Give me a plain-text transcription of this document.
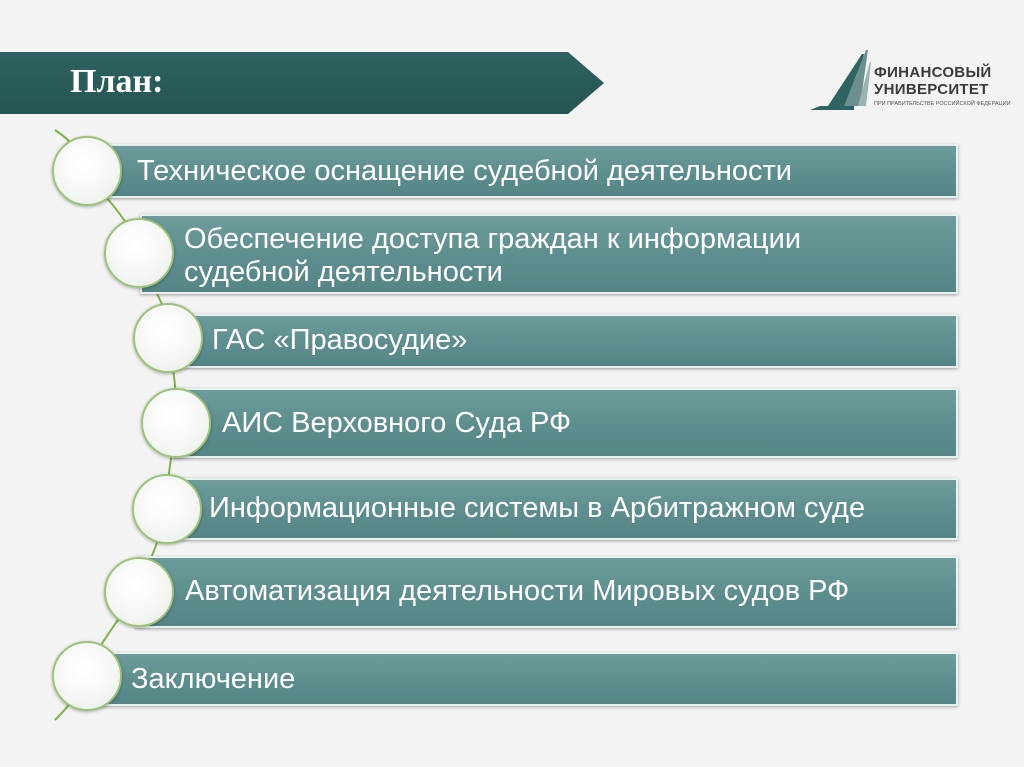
План:	ФИНАНСОВЫЙ
УНИВЕРСИТЕТ
ПРИ ПРАВИТЕЛЬСТВЕ РОССИЙСКОЙ ФЕДЕРАЦИИ
Техническое оснащение судебной деятельности
Обеспечение доступа граждан к информации
судебной деятельности
ГАС «Правосудие»
АИС Верховного Суда РФ
Информационные системы в Арбитражном суде
Автоматизация деятельности Мировых судов РФ
Заключение
